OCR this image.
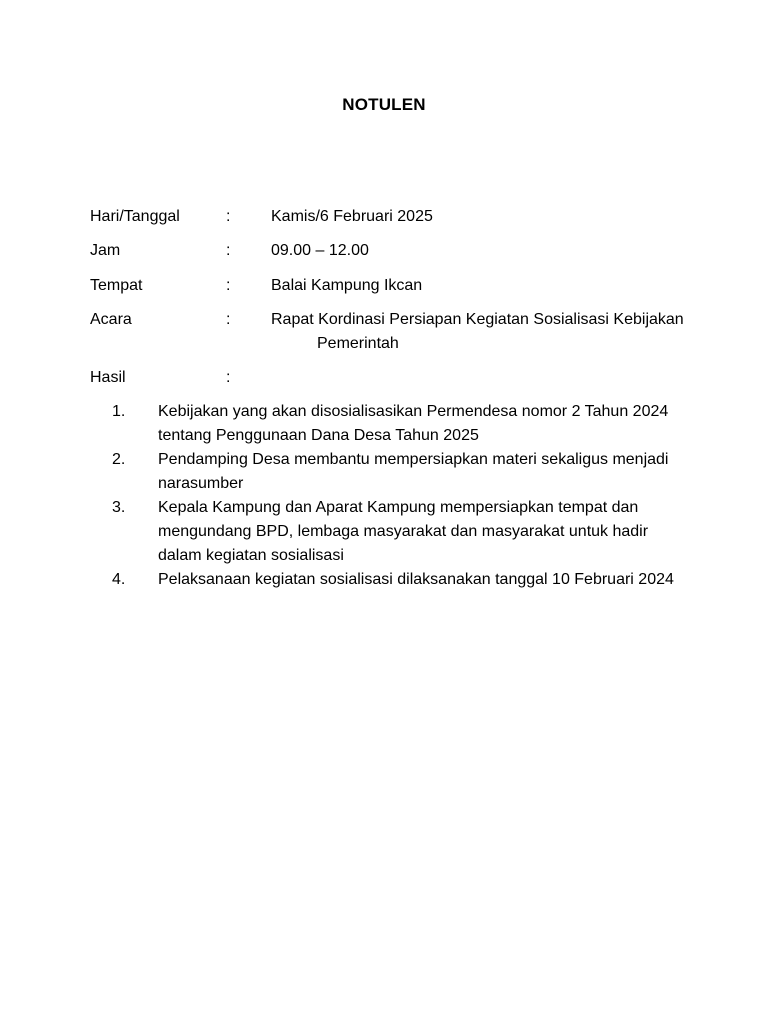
NOTULEN
Hari/Tanggal	:	Kamis/6 Februari 2025
Jam	:	09.00 – 12.00
Tempat	:	Balai Kampung Ikcan
Acara	:	Rapat Kordinasi Persiapan Kegiatan Sosialisasi Kebijakan
Pemerintah
Hasil	:
1. Kebijakan yang akan disosialisasikan Permendesa nomor 2 Tahun 2024 tentang Penggunaan Dana Desa Tahun 2025
2. Pendamping Desa membantu mempersiapkan materi sekaligus menjadi narasumber
3. Kepala Kampung dan Aparat Kampung mempersiapkan tempat dan mengundang BPD, lembaga masyarakat dan masyarakat untuk hadir dalam kegiatan sosialisasi
4. Pelaksanaan kegiatan sosialisasi dilaksanakan tanggal 10 Februari 2024
